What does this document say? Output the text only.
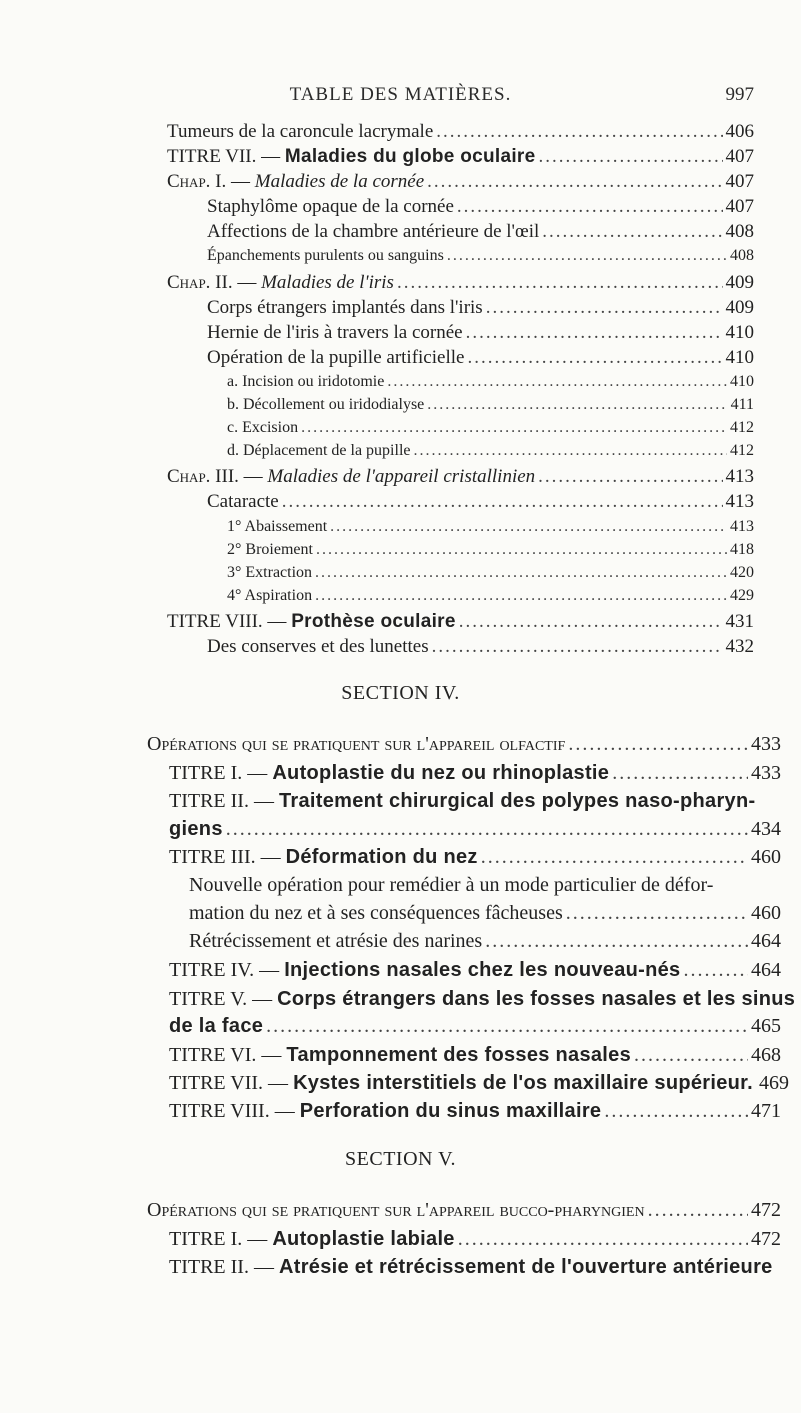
TABLE DES MATIÈRES.	997
Tumeurs de la caroncule lacrymale .....	406
TITRE VII. — Maladies du globe oculaire .....	407
Chap. I. — Maladies de la cornée .....	407
Staphylôme opaque de la cornée .....	407
Affections de la chambre antérieure de l'œil .....	408
Épanchements purulents ou sanguins .....	408
Chap. II. — Maladies de l'iris .....	409
Corps étrangers implantés dans l'iris .....	409
Hernie de l'iris à travers la cornée .....	410
Opération de la pupille artificielle .....	410
a. Incision ou iridotomie .....	410
b. Décollement ou iridodialyse .....	411
c. Excision .....	412
d. Déplacement de la pupille .....	412
Chap. III. — Maladies de l'appareil cristallinien .....	413
Cataracte .....	413
1° Abaissement .....	413
2° Broiement .....	418
3° Extraction .....	420
4° Aspiration .....	429
TITRE VIII. — Prothèse oculaire .....	431
Des conserves et des lunettes .....	432
SECTION IV.
Opérations qui se pratiquent sur l'appareil olfactif .....	433
TITRE I. — Autoplastie du nez ou rhinoplastie .....	433
TITRE II. — Traitement chirurgical des polypes naso-pharyn-
giens .....	434
TITRE III. — Déformation du nez .....	460
Nouvelle opération pour remédier à un mode particulier de défor-
mation du nez et à ses conséquences fâcheuses .....	460
Rétrécissement et atrésie des narines .....	464
TITRE IV. — Injections nasales chez les nouveau-nés .....	464
TITRE V. — Corps étrangers dans les fosses nasales et les sinus
de la face .....	465
TITRE VI. — Tamponnement des fosses nasales .....	468
TITRE VII. — Kystes interstitiels de l'os maxillaire supérieur. 469
TITRE VIII. — Perforation du sinus maxillaire .....	471
SECTION V.
Opérations qui se pratiquent sur l'appareil bucco-pharyngien .....	472
TITRE I. — Autoplastie labiale .....	472
TITRE II. — Atrésie et rétrécissement de l'ouverture antérieure
